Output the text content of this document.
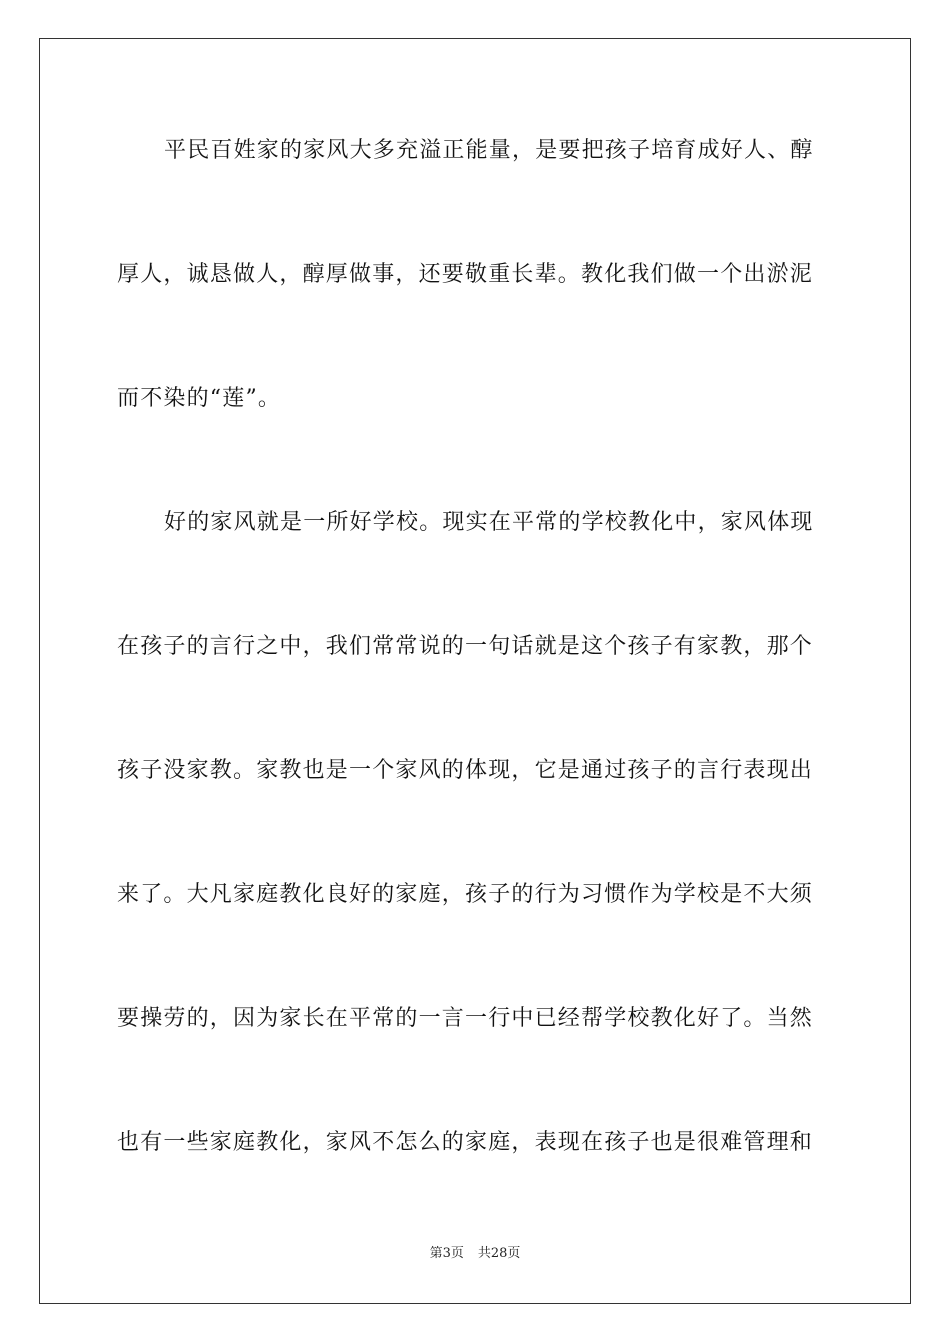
平民百姓家的家风大多充溢正能量，是要把孩子培育成好人、醇
厚人，诚恳做人，醇厚做事，还要敬重长辈。教化我们做一个出淤泥
而不染的“莲”。
好的家风就是一所好学校。现实在平常的学校教化中，家风体现
在孩子的言行之中，我们常常说的一句话就是这个孩子有家教，那个
孩子没家教。家教也是一个家风的体现，它是通过孩子的言行表现出
来了。大凡家庭教化良好的家庭，孩子的行为习惯作为学校是不大须
要操劳的，因为家长在平常的一言一行中已经帮学校教化好了。当然
也有一些家庭教化，家风不怎么的家庭，表现在孩子也是很难管理和
第3页 共28页
